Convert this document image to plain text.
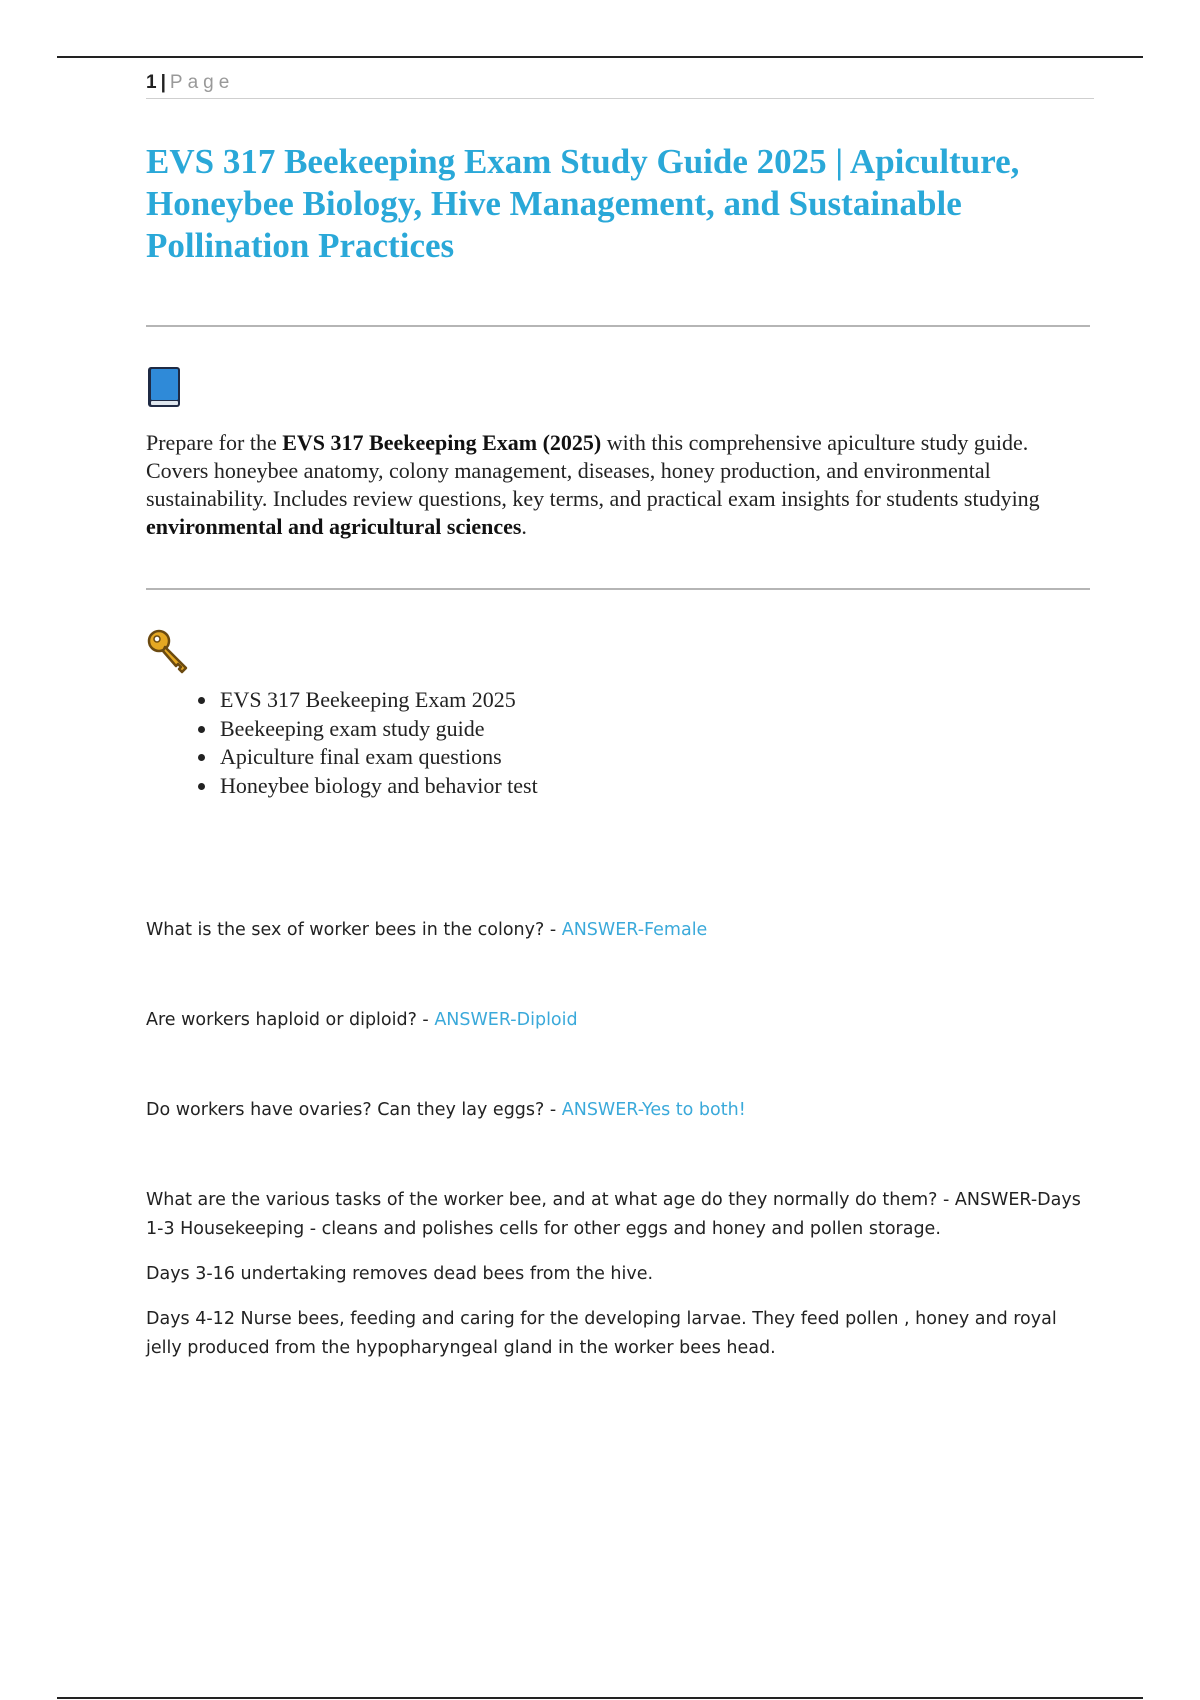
1 | Page
EVS 317 Beekeeping Exam Study Guide 2025 | Apiculture, Honeybee Biology, Hive Management, and Sustainable Pollination Practices

Prepare for the EVS 317 Beekeeping Exam (2025) with this comprehensive apiculture study guide. Covers honeybee anatomy, colony management, diseases, honey production, and environmental sustainability. Includes review questions, key terms, and practical exam insights for students studying environmental and agricultural sciences.

• EVS 317 Beekeeping Exam 2025
• Beekeeping exam study guide
• Apiculture final exam questions
• Honeybee biology and behavior test
What is the sex of worker bees in the colony? - ANSWER-Female
Are workers haploid or diploid? - ANSWER-Diploid
Do workers have ovaries? Can they lay eggs? - ANSWER-Yes to both!
What are the various tasks of the worker bee, and at what age do they normally do them? - ANSWER-Days 1-3 Housekeeping - cleans and polishes cells for other eggs and honey and pollen storage.
Days 3-16 undertaking removes dead bees from the hive.
Days 4-12 Nurse bees, feeding and caring for the developing larvae. They feed pollen , honey and royal jelly produced from the hypopharyngeal gland in the worker bees head.
